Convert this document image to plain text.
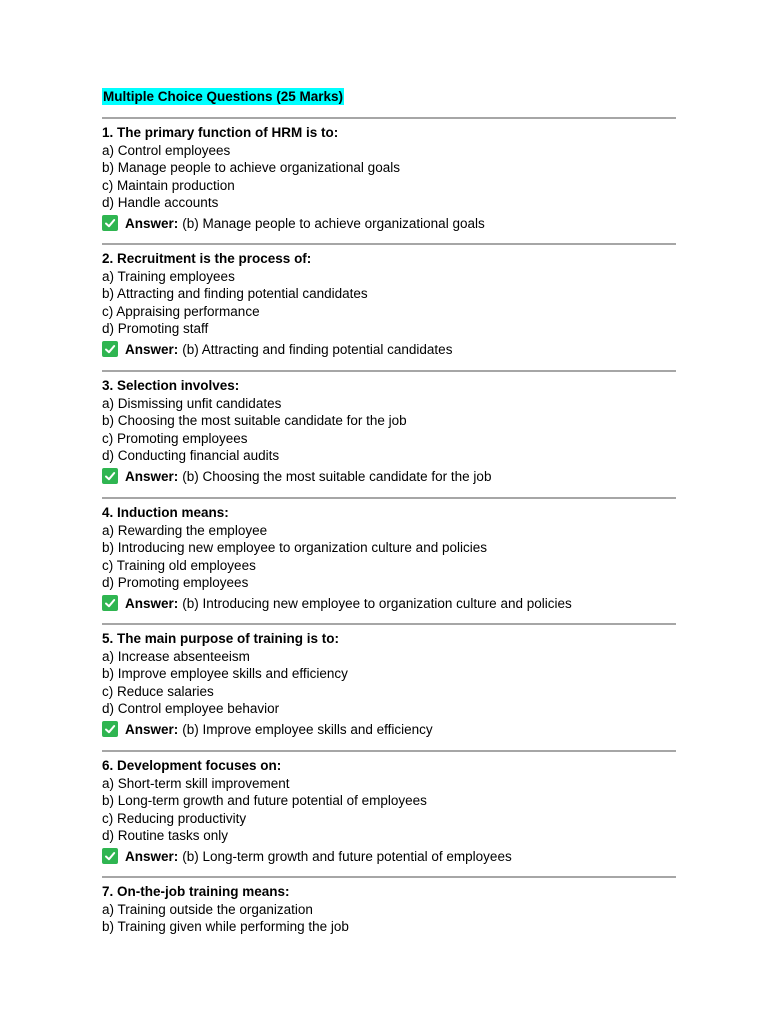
Multiple Choice Questions (25 Marks)
1. The primary function of HRM is to:
a) Control employees
b) Manage people to achieve organizational goals
c) Maintain production
d) Handle accounts
Answer: (b) Manage people to achieve organizational goals
2. Recruitment is the process of:
a) Training employees
b) Attracting and finding potential candidates
c) Appraising performance
d) Promoting staff
Answer: (b) Attracting and finding potential candidates
3. Selection involves:
a) Dismissing unfit candidates
b) Choosing the most suitable candidate for the job
c) Promoting employees
d) Conducting financial audits
Answer: (b) Choosing the most suitable candidate for the job
4. Induction means:
a) Rewarding the employee
b) Introducing new employee to organization culture and policies
c) Training old employees
d) Promoting employees
Answer: (b) Introducing new employee to organization culture and policies
5. The main purpose of training is to:
a) Increase absenteeism
b) Improve employee skills and efficiency
c) Reduce salaries
d) Control employee behavior
Answer: (b) Improve employee skills and efficiency
6. Development focuses on:
a) Short-term skill improvement
b) Long-term growth and future potential of employees
c) Reducing productivity
d) Routine tasks only
Answer: (b) Long-term growth and future potential of employees
7. On-the-job training means:
a) Training outside the organization
b) Training given while performing the job
